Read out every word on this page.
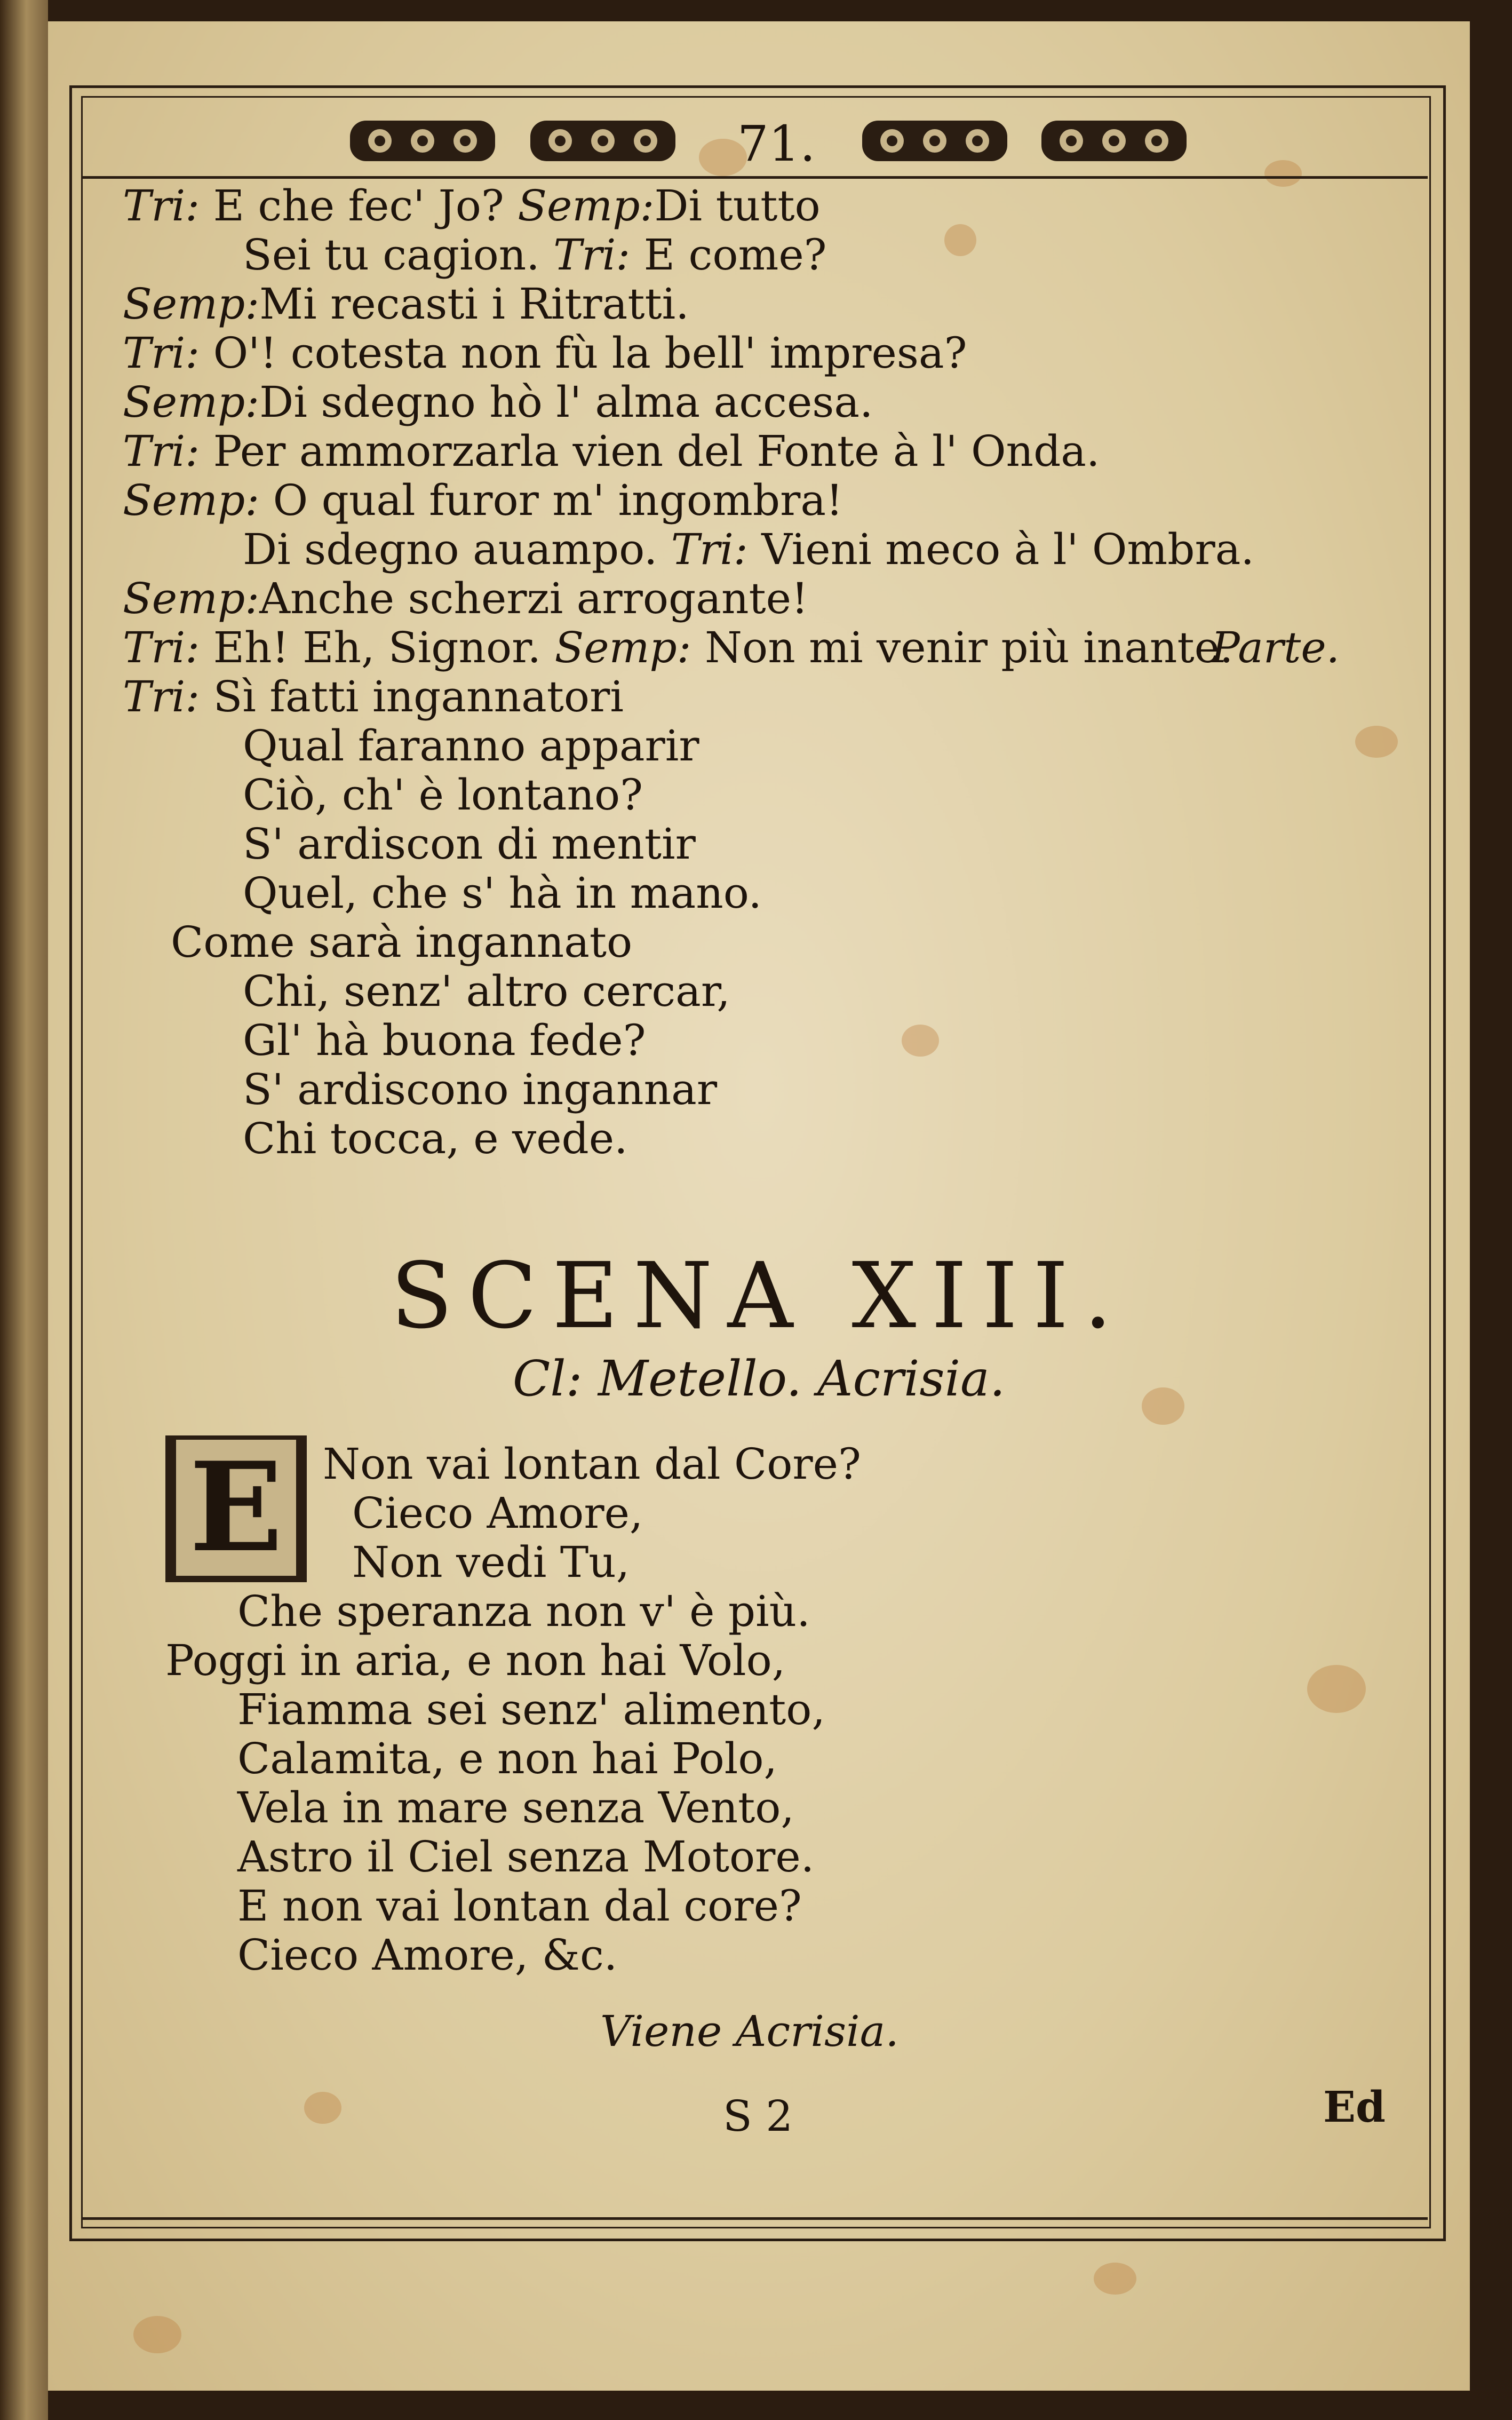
71.
Tri: E che fec' Jo? Semp:Di tutto
Sei tu cagion. Tri: E come?
Semp:Mi recasti i Ritratti.
Tri: O'! cotesta non fù la bell' impresa?
Semp:Di sdegno hò l' alma accesa.
Tri: Per ammorzarla vien del Fonte à l' Onda.
Semp: O qual furor m' ingombra!
Di sdegno auampo. Tri: Vieni meco à l' Ombra.
Semp:Anche scherzi arrogante!
Tri: Eh! Eh, Signor. Semp: Non mi venir più inante.
Parte.
Tri: Sì fatti ingannatori
Qual faranno apparir
Ciò, ch' è lontano?
S' ardiscon di mentir
Quel, che s' hà in mano.
Come sarà ingannato
Chi, senz' altro cercar,
Gl' hà buona fede?
S' ardiscono ingannar
Chi tocca, e vede.
SCENA XIII.
Cl: Metello. Acrisia.
E Non vai lontan dal Core?
Cieco Amore,
Non vedi Tu,
Che speranza non v' è più.
Poggi in aria, e non hai Volo,
Fiamma sei senz' alimento,
Calamita, e non hai Polo,
Vela in mare senza Vento,
Astro il Ciel senza Motore.
E non vai lontan dal core?
Cieco Amore, &c.
Viene Acrisia.
S 2	Ed
